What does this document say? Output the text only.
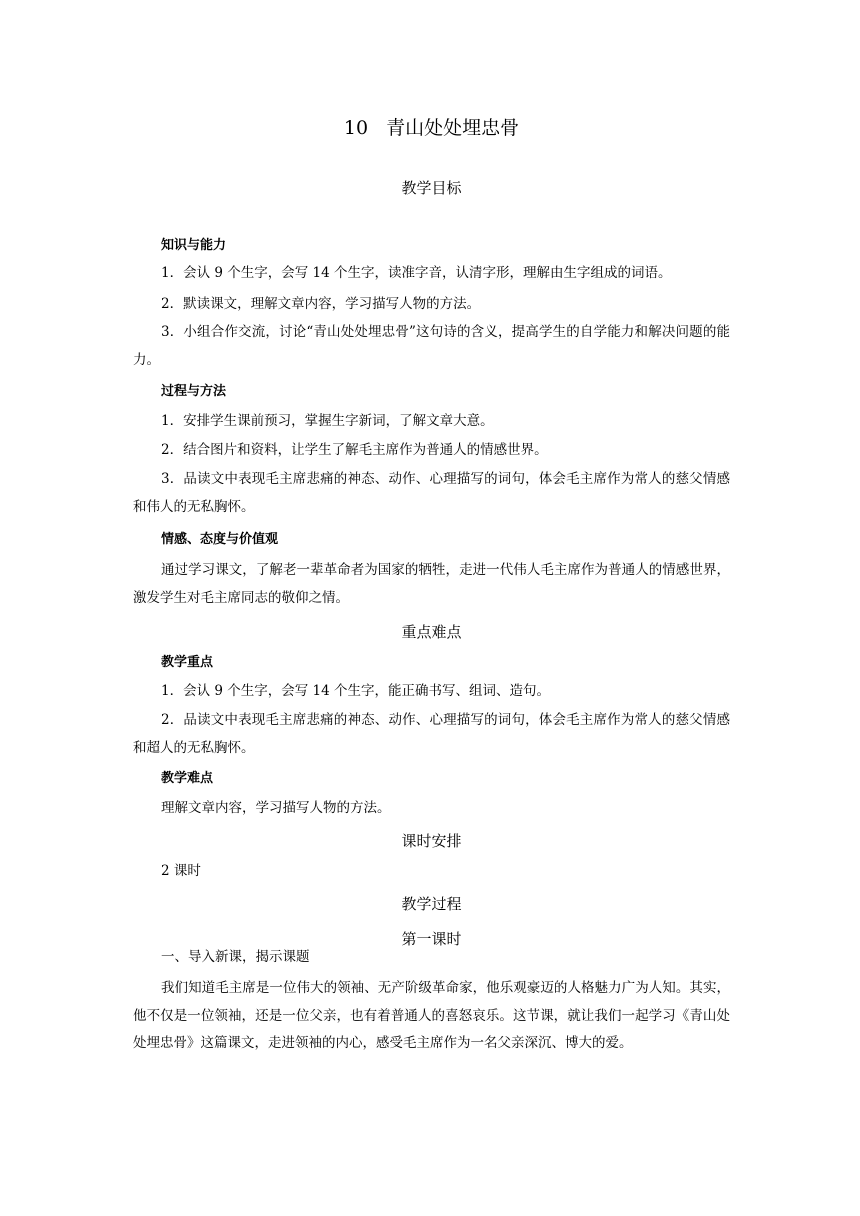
10 青山处处埋忠骨
教学目标
知识与能力

1．会认 9 个生字，会写 14 个生字，读准字音，认清字形，理解由生字组成的词语。

2．默读课文，理解文章内容，学习描写人物的方法。

3．小组合作交流，讨论“青山处处埋忠骨”这句诗的含义，提高学生的自学能力和解决问题的能力。

过程与方法

1．安排学生课前预习，掌握生字新词，了解文章大意。

2．结合图片和资料，让学生了解毛主席作为普通人的情感世界。

3．品读文中表现毛主席悲痛的神态、动作、心理描写的词句，体会毛主席作为常人的慈父情感和伟人的无私胸怀。

情感、态度与价值观

通过学习课文，了解老一辈革命者为国家的牺牲，走进一代伟人毛主席作为普通人的情感世界，激发学生对毛主席同志的敬仰之情。

重点难点
教学重点

1．会认 9 个生字，会写 14 个生字，能正确书写、组词、造句。

2．品读文中表现毛主席悲痛的神态、动作、心理描写的词句，体会毛主席作为常人的慈父情感和超人的无私胸怀。

教学难点

理解文章内容，学习描写人物的方法。

课时安排

2 课时

教学过程
第一课时

一、导入新课，揭示课题

我们知道毛主席是一位伟大的领袖、无产阶级革命家，他乐观豪迈的人格魅力广为人知。其实，他不仅是一位领袖，还是一位父亲，也有着普通人的喜怒哀乐。这节课，就让我们一起学习《青山处处埋忠骨》这篇课文，走进领袖的内心，感受毛主席作为一名父亲深沉、博大的爱。
